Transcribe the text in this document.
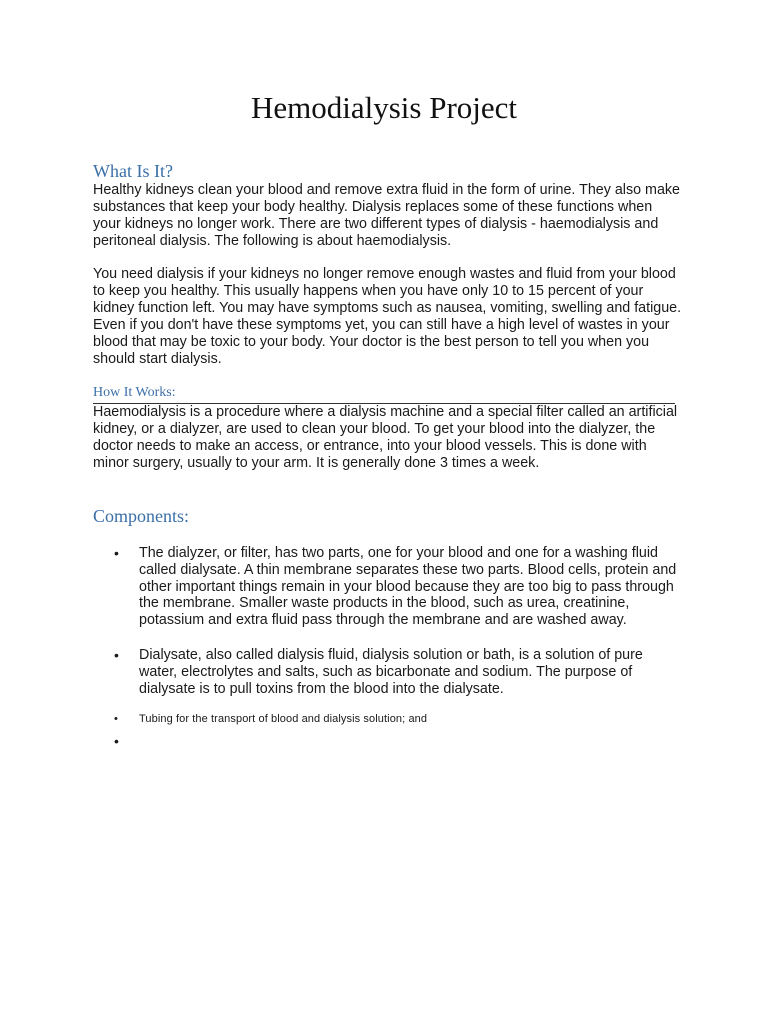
Hemodialysis Project
What Is It?

Healthy kidneys clean your blood and remove extra fluid in the form of urine. They also make substances that keep your body healthy. Dialysis replaces some of these functions when your kidneys no longer work. There are two different types of dialysis - haemodialysis and peritoneal dialysis. The following is about haemodialysis.

You need dialysis if your kidneys no longer remove enough wastes and fluid from your blood to keep you healthy. This usually happens when you have only 10 to 15 percent of your kidney function left. You may have symptoms such as nausea, vomiting, swelling and fatigue. Even if you don't have these symptoms yet, you can still have a high level of wastes in your blood that may be toxic to your body. Your doctor is the best person to tell you when you should start dialysis.

How It Works:

Haemodialysis is a procedure where a dialysis machine and a special filter called an artificial kidney, or a dialyzer, are used to clean your blood. To get your blood into the dialyzer, the doctor needs to make an access, or entrance, into your blood vessels. This is done with minor surgery, usually to your arm. It is generally done 3 times a week.

Components:
• The dialyzer, or filter, has two parts, one for your blood and one for a washing fluid called dialysate. A thin membrane separates these two parts. Blood cells, protein and other important things remain in your blood because they are too big to pass through the membrane. Smaller waste products in the blood, such as urea, creatinine, potassium and extra fluid pass through the membrane and are washed away.

• Dialysate, also called dialysis fluid, dialysis solution or bath, is a solution of pure water, electrolytes and salts, such as bicarbonate and sodium. The purpose of dialysate is to pull toxins from the blood into the dialysate.

• Tubing for the transport of blood and dialysis solution; and

•
